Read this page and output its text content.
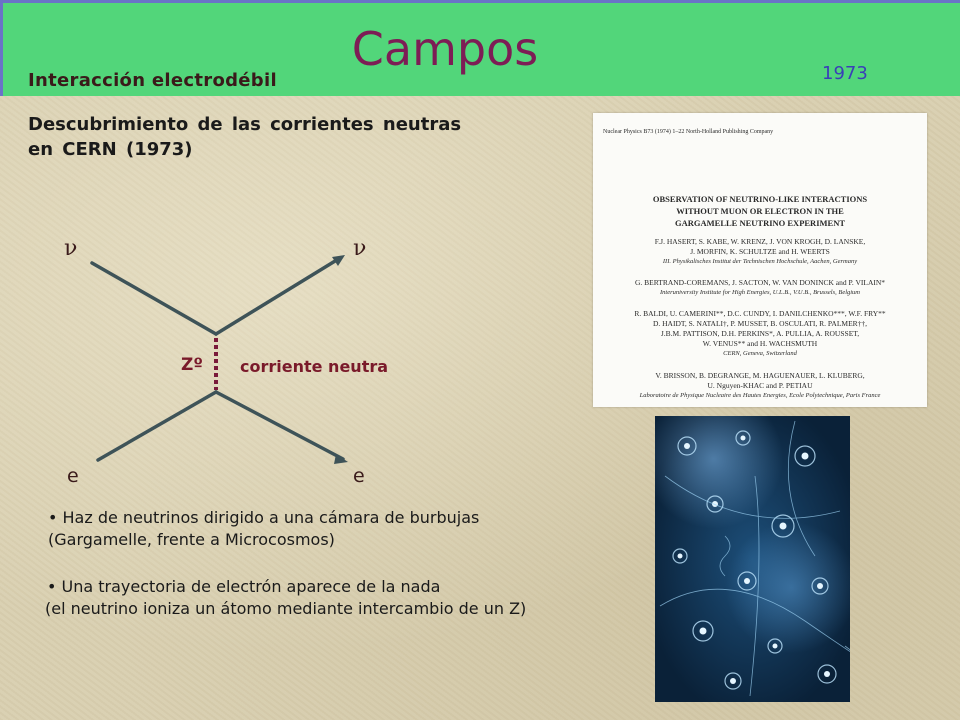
Campos
Interacción electrodébil	1973
Descubrimiento de las corrientes neutras
en CERN (1973)
ν	ν
e	e
Zº corriente neutra
• Haz de neutrinos dirigido a una cámara de burbujas
(Gargamelle, frente a Microcosmos)
• Una trayectoria de electrón aparece de la nada
(el neutrino ioniza un átomo mediante intercambio de un Z)
Nuclear Physics B73 (1974) 1–22 North-Holland Publishing Company
OBSERVATION OF NEUTRINO-LIKE INTERACTIONS
WITHOUT MUON OR ELECTRON IN THE
GARGAMELLE NEUTRINO EXPERIMENT
F.J. HASERT, S. KABE, W. KRENZ, J. VON KROGH, D. LANSKE,
J. MORFIN, K. SCHULTZE and H. WEERTS
III. Physikalisches Institut der Technischen Hochschule, Aachen, Germany
G. BERTRAND-COREMANS, J. SACTON, W. VAN DONINCK and P. VILAIN*
Interuniversity Institute for High Energies, U.L.B., V.U.B., Brussels, Belgium
R. BALDI, U. CAMERINI**, D.C. CUNDY, I. DANILCHENKO***, W.F. FRY**
D. HAIDT, S. NATALI†, P. MUSSET, B. OSCULATI, R. PALMER††,
J.B.M. PATTISON, D.H. PERKINS*, A. PULLIA, A. ROUSSET,
W. VENUS** and H. WACHSMUTH
CERN, Geneva, Switzerland
V. BRISSON, B. DEGRANGE, M. HAGUENAUER, L. KLUBERG,
U. Nguyen-KHAC and P. PETIAU
Laboratoire de Physique Nucleaire des Hautes Energies, Ecole Polytechnique, Paris France
